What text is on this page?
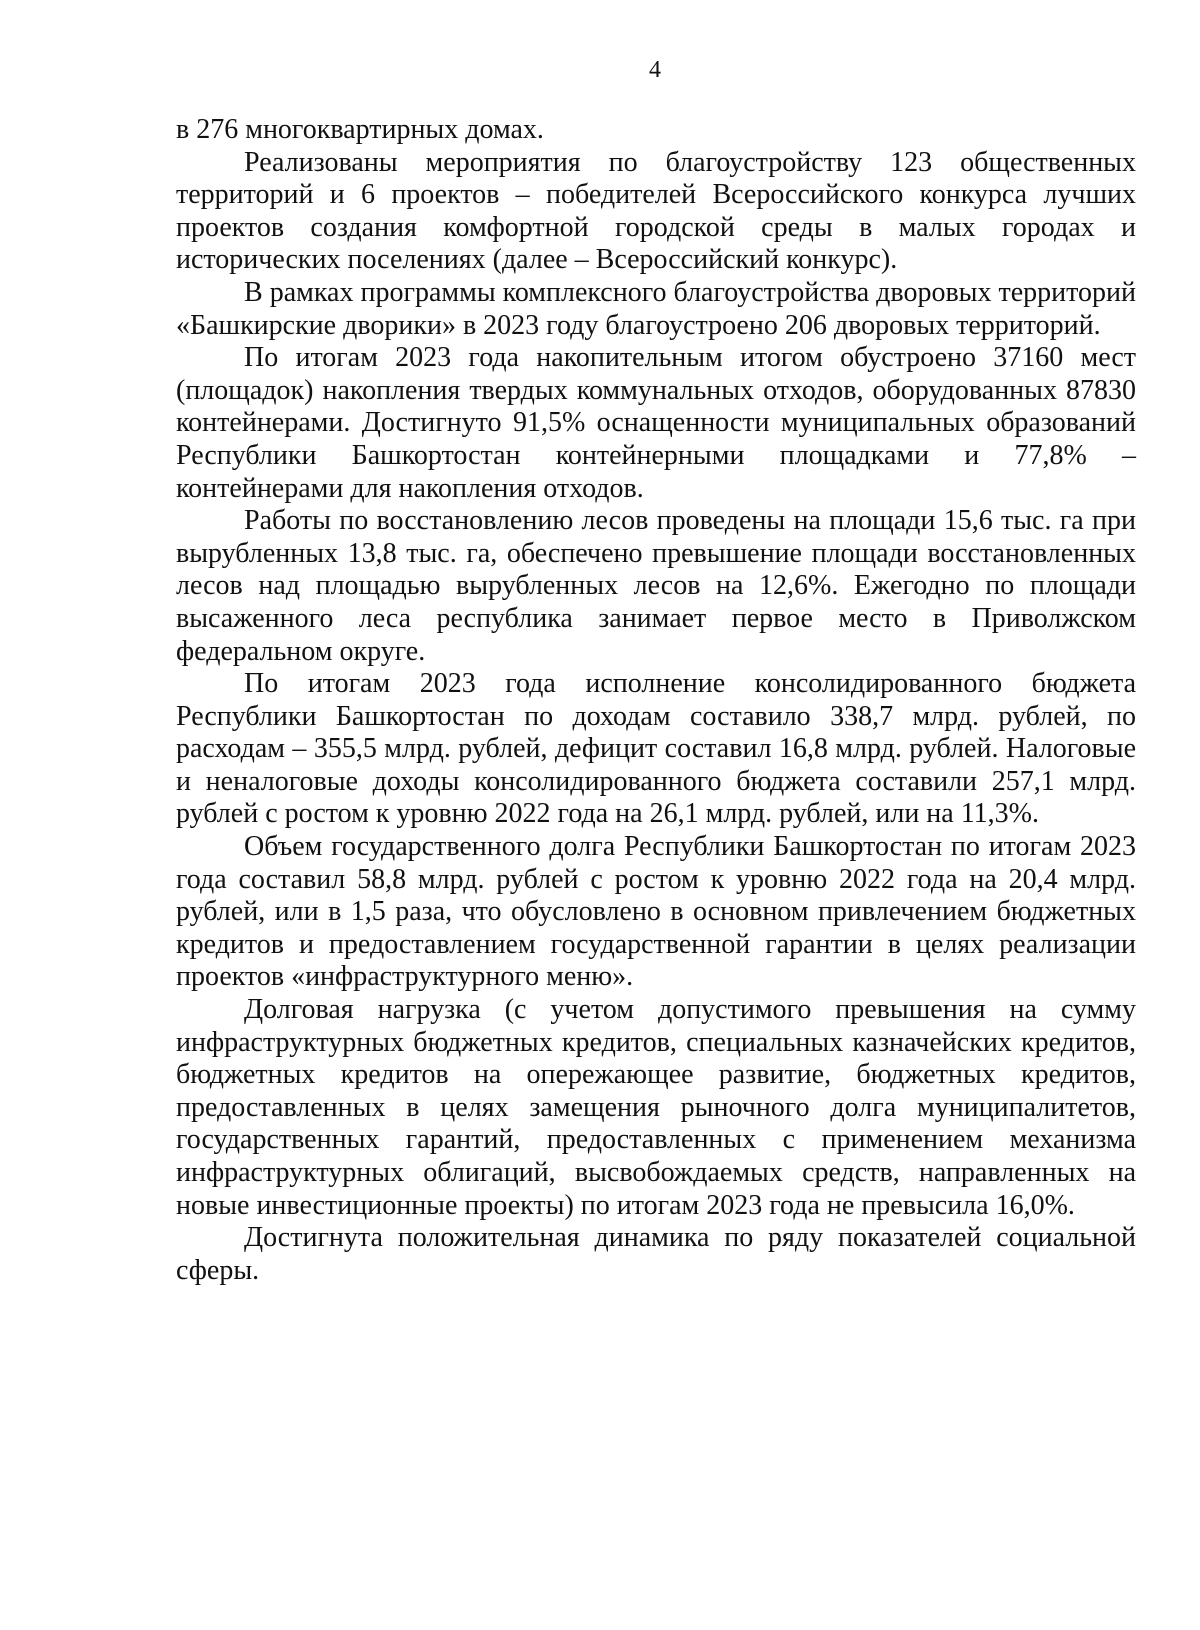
4

в 276 многоквартирных домах.

Реализованы мероприятия по благоустройству 123 общественных территорий и 6 проектов – победителей Всероссийского конкурса лучших проектов создания комфортной городской среды в малых городах и исторических поселениях (далее – Всероссийский конкурс).

В рамках программы комплексного благоустройства дворовых территорий «Башкирские дворики» в 2023 году благоустроено 206 дворовых территорий.

По итогам 2023 года накопительным итогом обустроено 37160 мест (площадок) накопления твердых коммунальных отходов, оборудованных 87830 контейнерами. Достигнуто 91,5% оснащенности муниципальных образований Республики Башкортостан контейнерными площадками и 77,8% – контейнерами для накопления отходов.

Работы по восстановлению лесов проведены на площади 15,6 тыс. га при вырубленных 13,8 тыс. га, обеспечено превышение площади восстановленных лесов над площадью вырубленных лесов на 12,6%. Ежегодно по площади высаженного леса республика занимает первое место в Приволжском федеральном округе.

По итогам 2023 года исполнение консолидированного бюджета Республики Башкортостан по доходам составило 338,7 млрд. рублей, по расходам – 355,5 млрд. рублей, дефицит составил 16,8 млрд. рублей. Налоговые и неналоговые доходы консолидированного бюджета составили 257,1 млрд. рублей с ростом к уровню 2022 года на 26,1 млрд. рублей, или на 11,3%.

Объем государственного долга Республики Башкортостан по итогам 2023 года составил 58,8 млрд. рублей с ростом к уровню 2022 года на 20,4 млрд. рублей, или в 1,5 раза, что обусловлено в основном привлечением бюджетных кредитов и предоставлением государственной гарантии в целях реализации проектов «инфраструктурного меню».

Долговая нагрузка (с учетом допустимого превышения на сумму инфраструктурных бюджетных кредитов, специальных казначейских кредитов, бюджетных кредитов на опережающее развитие, бюджетных кредитов, предоставленных в целях замещения рыночного долга муниципалитетов, государственных гарантий, предоставленных с применением механизма инфраструктурных облигаций, высвобождаемых средств, направленных на новые инвестиционные проекты) по итогам 2023 года не превысила 16,0%.

Достигнута положительная динамика по ряду показателей социальной сферы.
